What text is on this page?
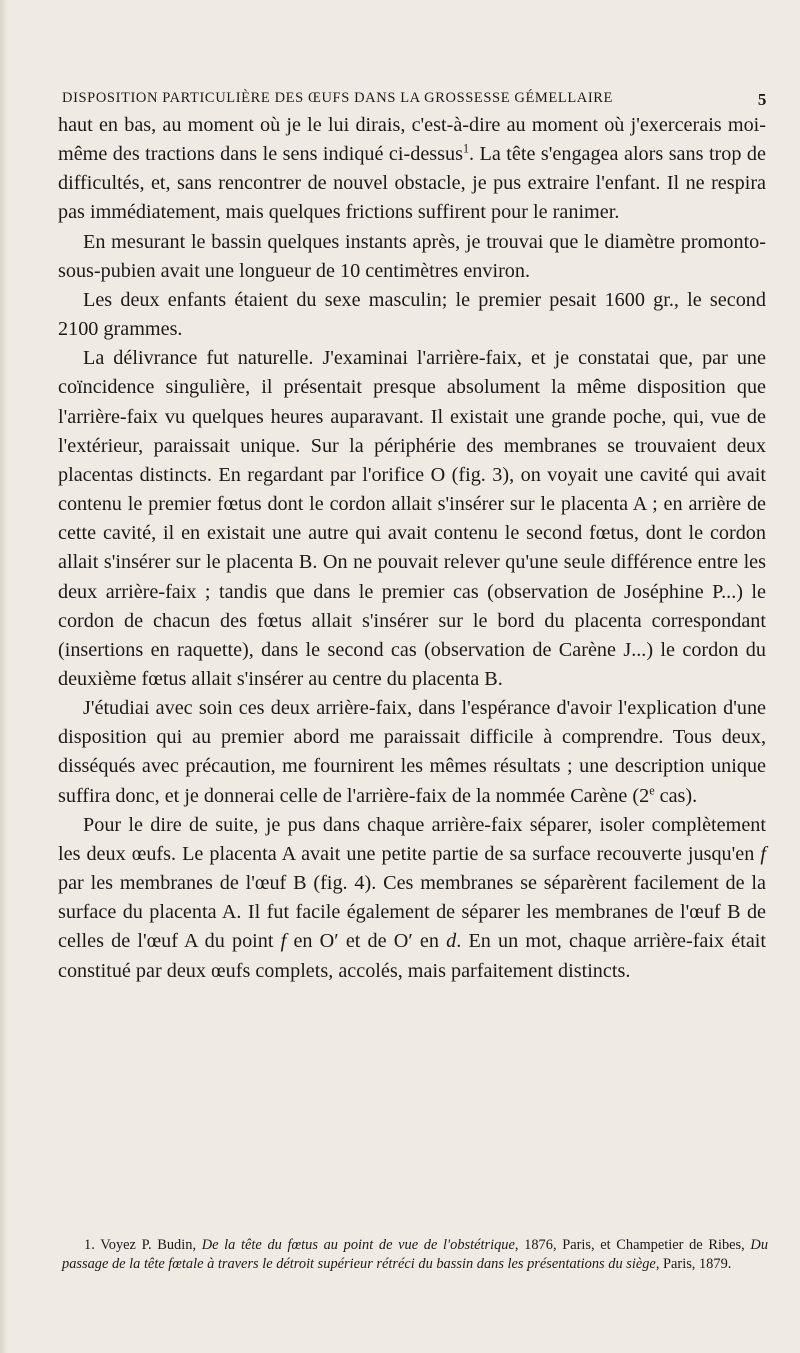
DISPOSITION PARTICULIÈRE DES ŒUFS DANS LA GROSSESSE GÉMELLAIRE	5

haut en bas, au moment où je le lui dirais, c'est-à-dire au moment où j'exercerais moi-même des tractions dans le sens indiqué ci-dessus$^1$. La tête s'engagea alors sans trop de difficultés, et, sans rencontrer de nouvel obstacle, je pus extraire l'enfant. Il ne respira pas immédiatement, mais quelques frictions suffirent pour le ranimer.

En mesurant le bassin quelques instants après, je trouvai que le diamètre promonto-sous-pubien avait une longueur de 10 centimètres environ.

Les deux enfants étaient du sexe masculin; le premier pesait 1600 gr., le second 2100 grammes.

La délivrance fut naturelle. J'examinai l'arrière-faix, et je constatai que, par une coïncidence singulière, il présentait presque absolument la même disposition que l'arrière-faix vu quelques heures auparavant. Il existait une grande poche, qui, vue de l'extérieur, paraissait unique. Sur la périphérie des membranes se trouvaient deux placentas distincts. En regardant par l'orifice O (fig. 3), on voyait une cavité qui avait contenu le premier fœtus dont le cordon allait s'insérer sur le placenta A ; en arrière de cette cavité, il en existait une autre qui avait contenu le second fœtus, dont le cordon allait s'insérer sur le placenta B. On ne pouvait relever qu'une seule différence entre les deux arrière-faix ; tandis que dans le premier cas (observation de Joséphine P...) le cordon de chacun des fœtus allait s'insérer sur le bord du placenta correspondant (insertions en raquette), dans le second cas (observation de Carène J...) le cordon du deuxième fœtus allait s'insérer au centre du placenta B.

J'étudiai avec soin ces deux arrière-faix, dans l'espérance d'avoir l'explication d'une disposition qui au premier abord me paraissait difficile à comprendre. Tous deux, disséqués avec précaution, me fournirent les mêmes résultats ; une description unique suffira donc, et je donnerai celle de l'arrière-faix de la nommée Carène (2e cas).

Pour le dire de suite, je pus dans chaque arrière-faix séparer, isoler complètement les deux œufs. Le placenta A avait une petite partie de sa surface recouverte jusqu'en f par les membranes de l'œuf B (fig. 4). Ces membranes se séparèrent facilement de la surface du placenta A. Il fut facile également de séparer les membranes de l'œuf B de celles de l'œuf A du point f en O′ et de O′ en d. En un mot, chaque arrière-faix était constitué par deux œufs complets, accolés, mais parfaitement distincts.

1. Voyez P. Budin, De la tête du fœtus au point de vue de l'obstétrique, 1876, Paris, et Champetier de Ribes, Du passage de la tête fœtale à travers le détroit supérieur rétréci du bassin dans les présentations du siège, Paris, 1879.
